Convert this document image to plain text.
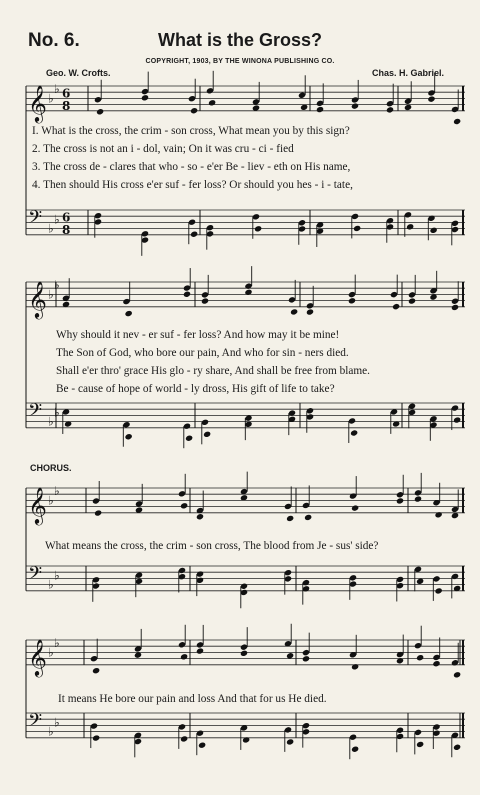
No. 6.	What is the Gross?
COPYRIGHT, 1903, BY THE WINONA PUBLISHING CO.
Geo. W. Crofts.	Chas. H. Gabriel.
𝄞 ♭
♭ 6
8
𝄢 ♭
♭ 6
8
𝄞 ♭
♭
𝄢 ♭
♭
𝄞 ♭
♭
𝄢 ♭
♭
𝄞 ♭
♭
𝄢 ♭
♭
I. What is the cross, the crim - son cross, What mean you by this sign?
2. The cross is not an i - dol, vain; On it was cru - ci - fied
3. The cross de - clares that who - so - e'er Be - liev - eth on His name,
4. Then should His cross e'er suf - fer loss? Or should you hes - i - tate,
Why should it nev - er suf - fer loss? And how may it be mine!
The Son of God, who bore our pain, And who for sin - ners died.
Shall e'er thro' grace His glo - ry share, And shall be free from blame.
Be - cause of hope of world - ly dross, His gift of life to take?
CHORUS.
What means the cross, the crim - son cross, The blood from Je - sus' side?
It means He bore our pain and loss And that for us He died.
